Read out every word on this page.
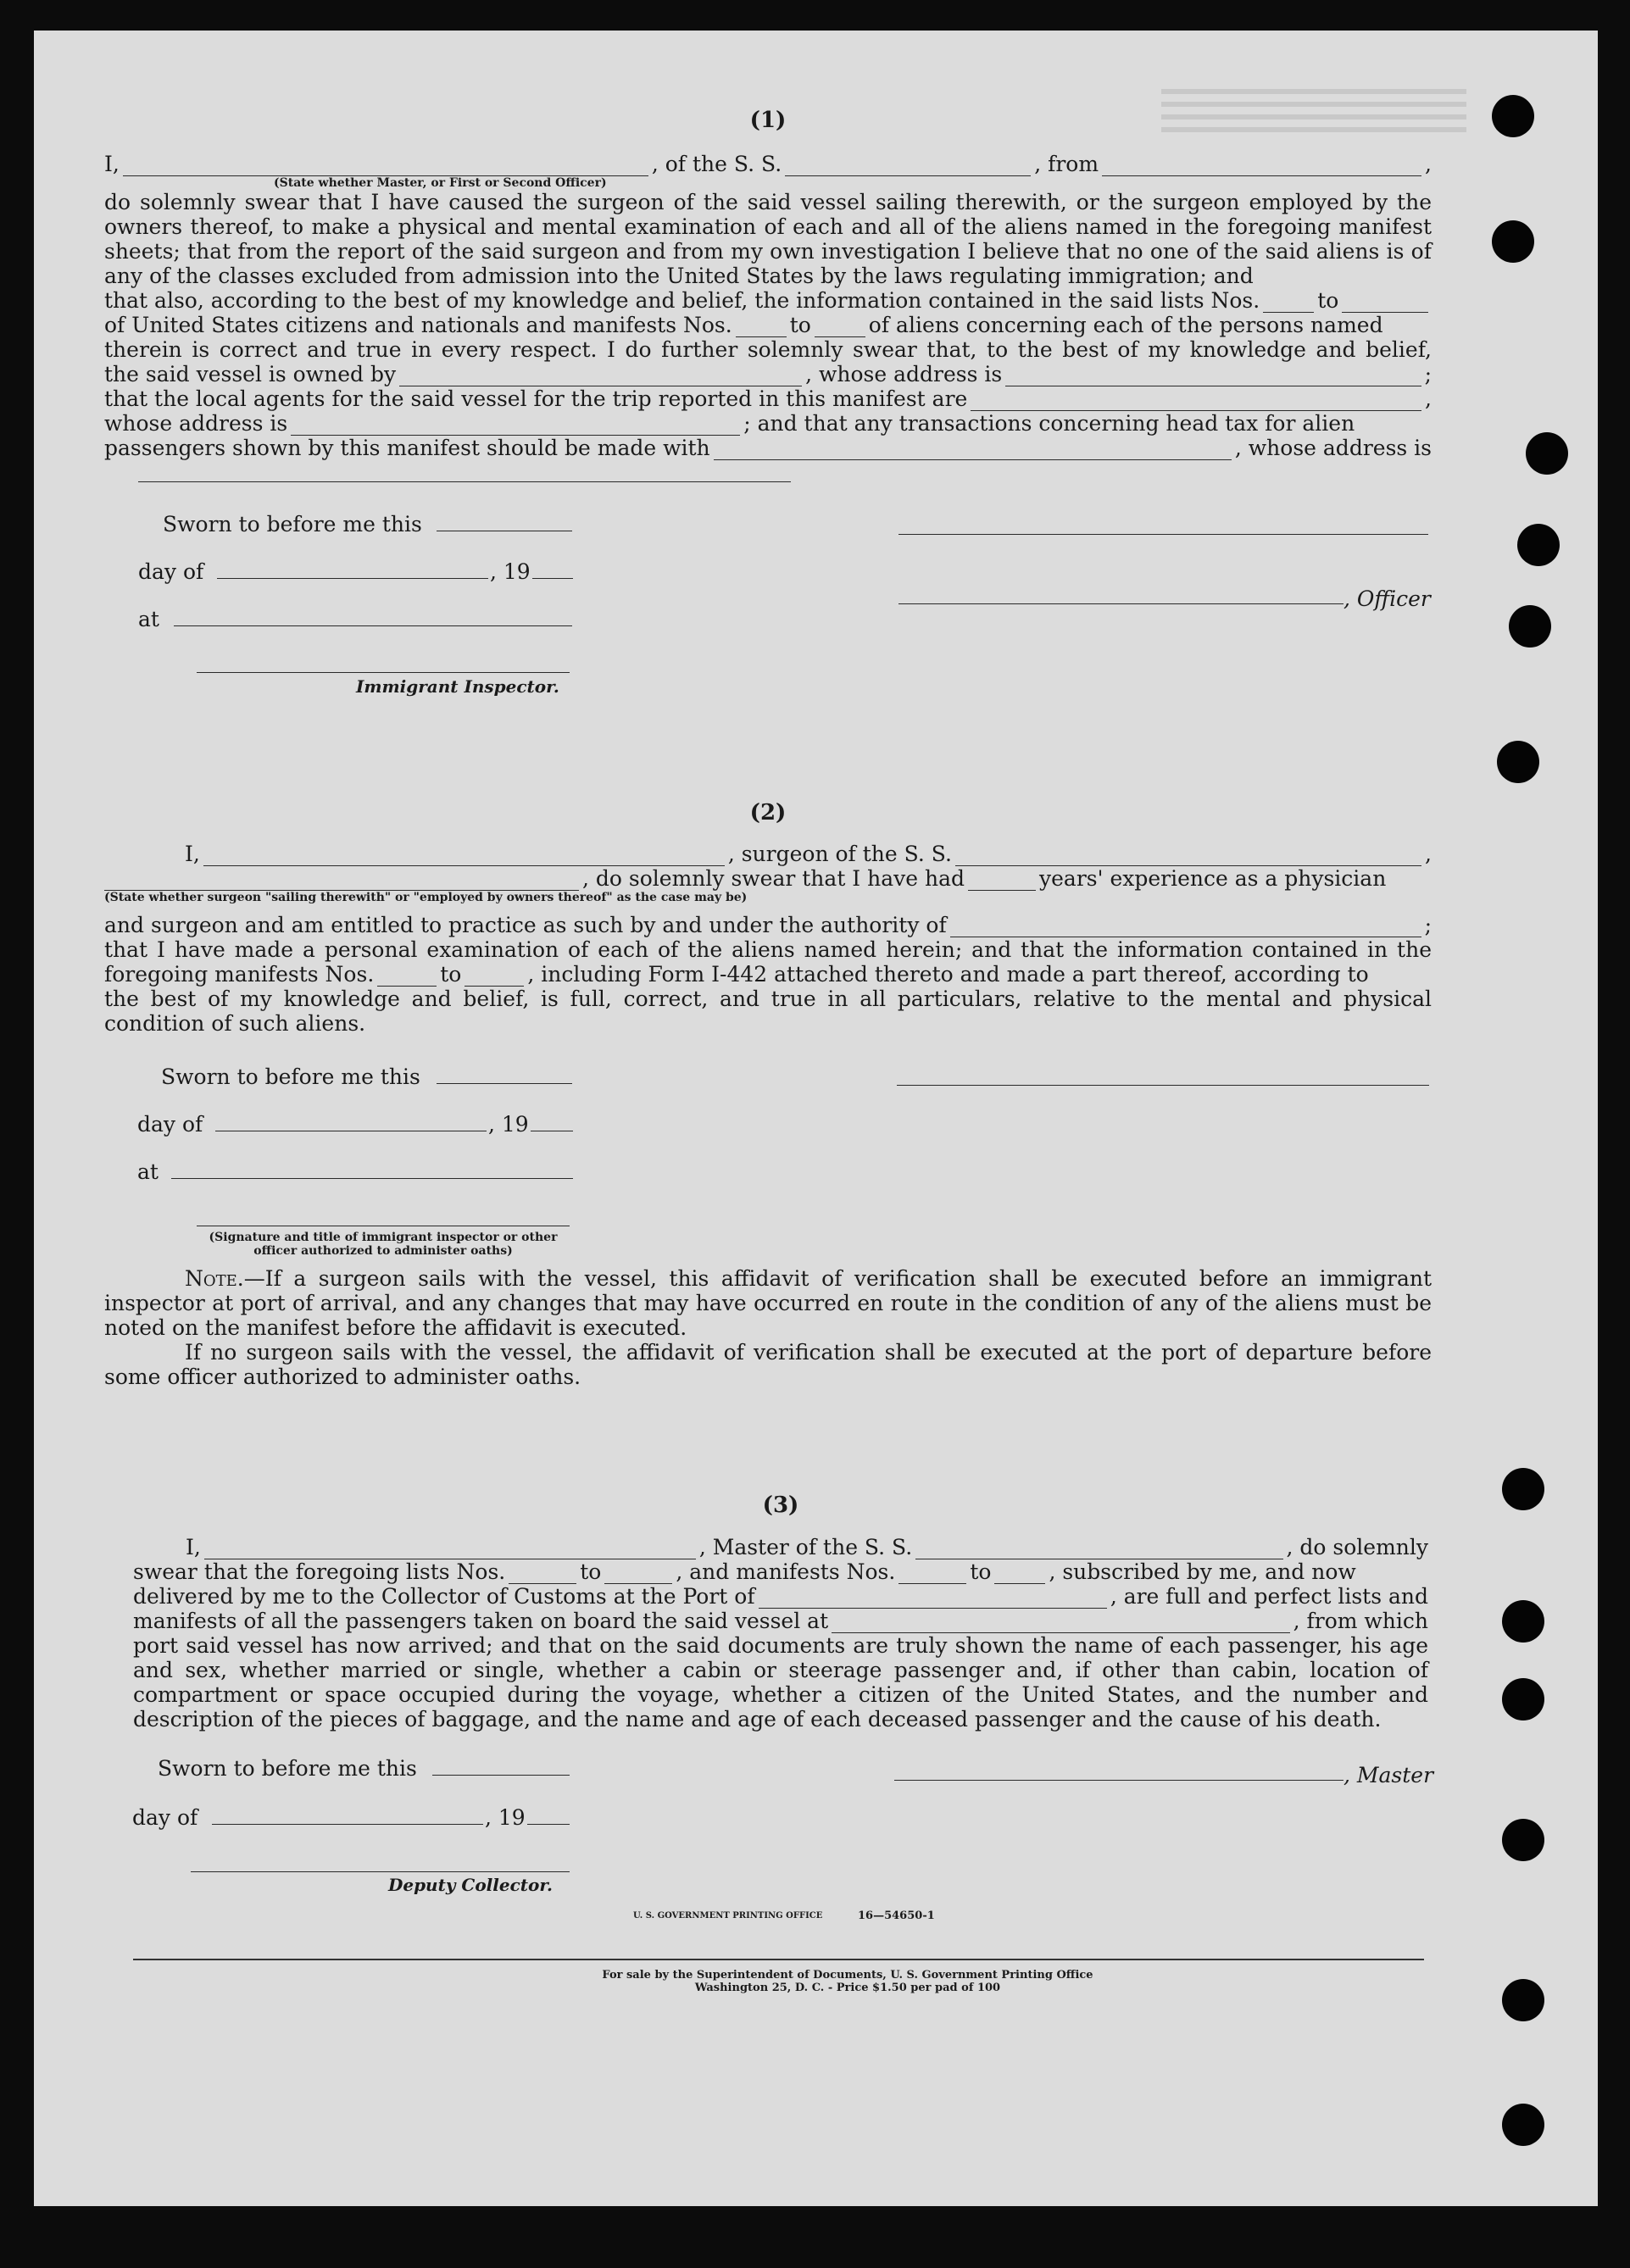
(1)
I,	, of the S. S.	, from	,
(State whether Master, or First or Second Officer)
do solemnly swear that I have caused the surgeon of the said vessel sailing therewith, or the surgeon employed by the owners thereof, to make a physical and mental examination of each and all of the aliens named in the foregoing manifest sheets; that from the report of the said surgeon and from my own investigation I believe that no one of the said aliens is of any of the classes excluded from admission into the United States by the laws regulating immigration; and
that also, according to the best of my knowledge and belief, the information contained in the said lists Nos.	to
of United States citizens and nationals and manifests Nos.	to	of aliens concerning each of the persons named
therein is correct and true in every respect. I do further solemnly swear that, to the best of my knowledge and belief,
the said vessel is owned by	, whose address is	;
that the local agents for the said vessel for the trip reported in this manifest are	,
whose address is	; and that any transactions concerning head tax for alien
passengers shown by this manifest should be made with	, whose address is
Sworn to before me this
day of	, 19
at
Immigrant Inspector.
, Officer
(2)
I,	, surgeon of the S. S.	,
, do solemnly swear that I have had	years' experience as a physician
(State whether surgeon "sailing therewith" or "employed by owners thereof" as the case may be)
and surgeon and am entitled to practice as such by and under the authority of	;
that I have made a personal examination of each of the aliens named herein; and that the information contained in the
foregoing manifests Nos.	to	, including Form I-442 attached thereto and made a part thereof, according to
the best of my knowledge and belief, is full, correct, and true in all particulars, relative to the mental and physical condition of such aliens.
Sworn to before me this
day of	, 19
at
(Signature and title of immigrant inspector or other officer authorized to administer oaths)
Note.—If a surgeon sails with the vessel, this affidavit of verification shall be executed before an immigrant inspector at port of arrival, and any changes that may have occurred en route in the condition of any of the aliens must be noted on the manifest before the affidavit is executed.
If no surgeon sails with the vessel, the affidavit of verification shall be executed at the port of departure before some officer authorized to administer oaths.
(3)
I,	, Master of the S. S.	, do solemnly
swear that the foregoing lists Nos.	to	, and manifests Nos.	to	, subscribed by me, and now
delivered by me to the Collector of Customs at the Port of	, are full and perfect lists and
manifests of all the passengers taken on board the said vessel at	, from which
port said vessel has now arrived; and that on the said documents are truly shown the name of each passenger, his age and sex, whether married or single, whether a cabin or steerage passenger and, if other than cabin, location of compartment or space occupied during the voyage, whether a citizen of the United States, and the number and description of the pieces of baggage, and the name and age of each deceased passenger and the cause of his death.
Sworn to before me this	, Master
day of	, 19
Deputy Collector.
U. S. GOVERNMENT PRINTING OFFICE	16—54650-1
For sale by the Superintendent of Documents, U. S. Government Printing Office
Washington 25, D. C. - Price $1.50 per pad of 100
